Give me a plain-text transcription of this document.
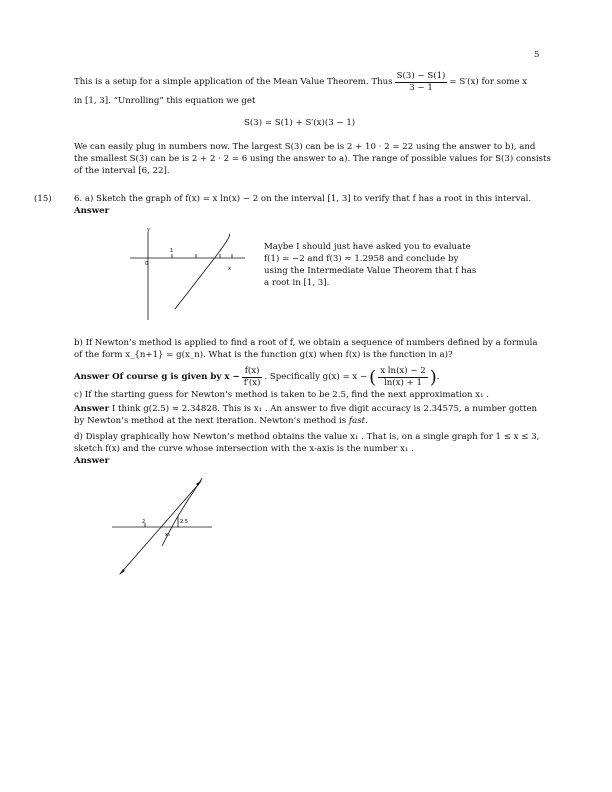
5
This is a setup for a simple application of the Mean Value Theorem. Thus $\frac{S(3) - S(1)}{3 - 1} = S'(x)$ for some x
in [1, 3]. “Unrolling” this equation we get
S(3) = S(1) + S′(x)(3 − 1)
We can easily plug in numbers now. The largest S(3) can be is 2 + 10 · 2 = 22 using the answer to b), and
the smallest S(3) can be is 2 + 2 · 2 = 6 using the answer to a). The range of possible values for S(3) consists
of the interval [6, 22].
(15)	6. a) Sketch the graph of f(x) = x ln(x) − 2 on the interval [1, 3] to verify that f has a root in this interval.
Answer
y
1
0
x
Maybe I should just have asked you to evaluate
f(1) = −2 and f(3) ≈ 1.2958 and conclude by
using the Intermediate Value Theorem that f has
a root in [1, 3].
b) If Newton’s method is applied to find a root of f, we obtain a sequence of numbers defined by a formula
of the form x_{n+1} = g(x_n). What is the function g(x) when f(x) is the function in a)?
Answer Of course g is given by $x - \frac{f(x)}{f'(x)}$ . Specifically g(x) = x − ( $\frac{\text{x ln(x) − 2}}{\ln(x) + 1}$ ) .
c) If the starting guess for Newton’s method is taken to be 2.5, find the next approximation x₁ .
Answer I think g(2.5) ≈ 2.34828. This is x₁ . An answer to five digit accuracy is 2.34575, a number gotten
by Newton’s method at the next iteration. Newton’s method is fast.
d) Display graphically how Newton’s method obtains the value x₁ . That is, on a single graph for 1 ≤ x ≤ 3,
sketch f(x) and the curve whose intersection with the x-axis is the number x₁ .
Answer
2	2.5
x₁
